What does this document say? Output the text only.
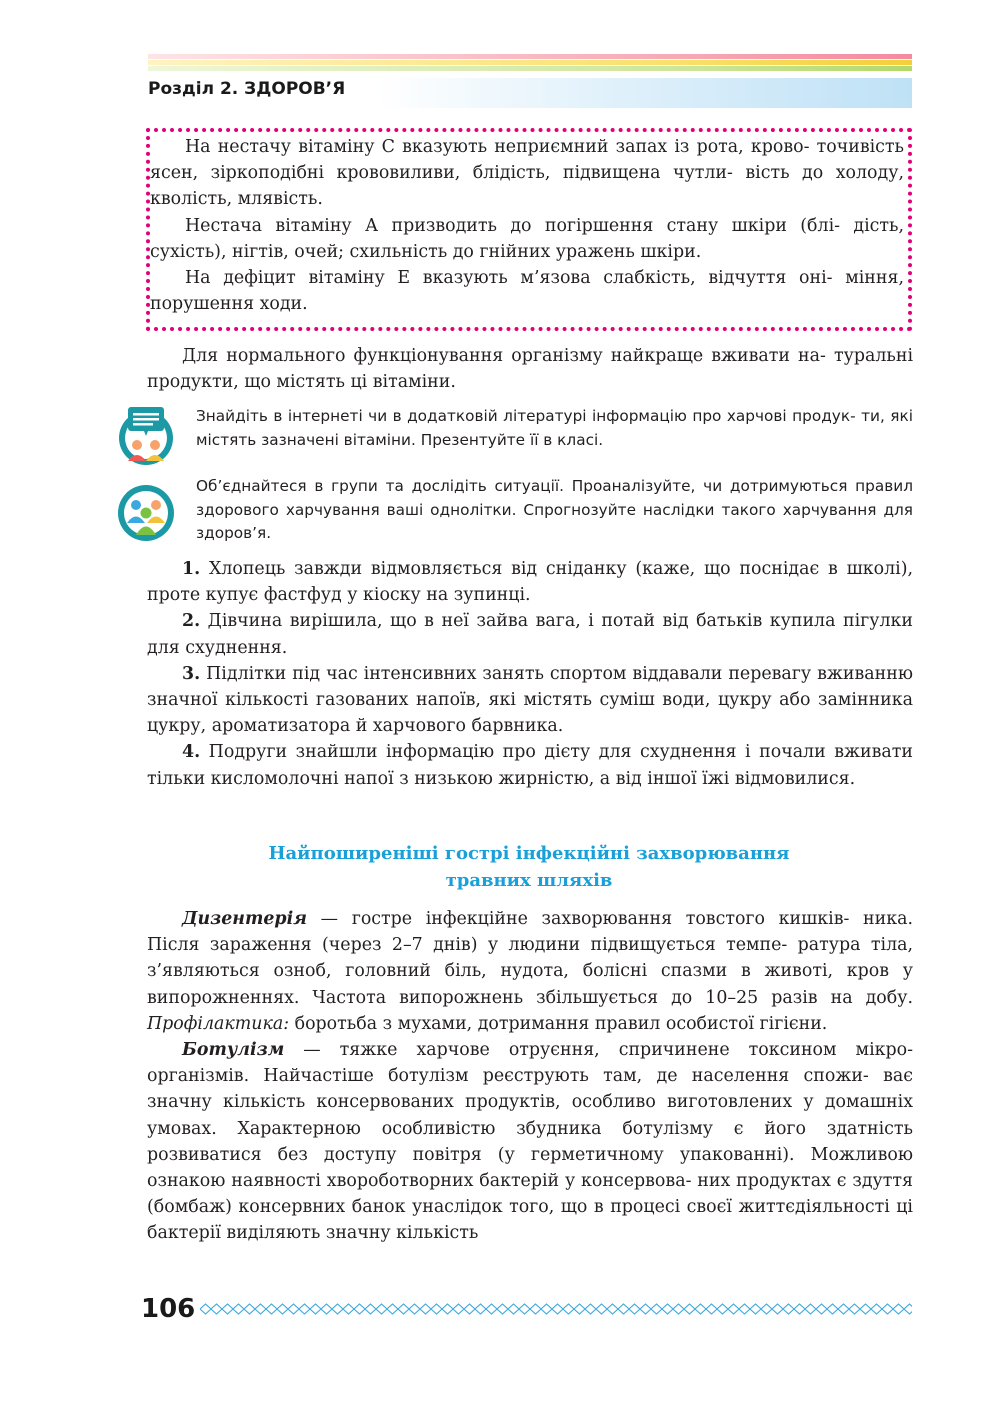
Розділ 2. ЗДОРОВ’Я

На нестачу вітаміну С вказують неприємний запах із рота, крово- точивість ясен, зіркоподібні крововиливи, блідість, підвищена чутли- вість до холоду, кволість, млявість.

Нестача вітаміну А призводить до погіршення стану шкіри (блі- дість, сухість), нігтів, очей; схильність до гнійних уражень шкіри.

На дефіцит вітаміну Е вказують м’язова слабкість, відчуття оні- міння, порушення ходи.

Для нормального функціонування організму найкраще вживати на- туральні продукти, що містять ці вітаміни.

Знайдіть в інтернеті чи в додатковій літературі інформацію про харчові продук- ти, які містять зазначені вітаміни. Презентуйте її в класі.
Об’єднайтеся в групи та дослідіть ситуації. Проаналізуйте, чи дотримуються правил здорового харчування ваші однолітки. Спрогнозуйте наслідки такого харчування для здоров’я.

1. Хлопець завжди відмовляється від сніданку (каже, що поснідає в школі), проте купує фастфуд у кіоску на зупинці.

2. Дівчина вирішила, що в неї зайва вага, і потай від батьків купила пігулки для схуднення.

3. Підлітки під час інтенсивних занять спортом віддавали перевагу вживанню значної кількості газованих напоїв, які містять суміш води, цукру або замінника цукру, ароматизатора й харчового барвника.

4. Подруги знайшли інформацію про дієту для схуднення і почали вживати тільки кисломолочні напої з низькою жирністю, а від іншої їжі відмовилися.

Найпоширеніші гострі інфекційні захворювання
травних шляхів

Дизентерія — гостре інфекційне захворювання товстого кишків- ника. Після зараження (через 2–7 днів) у людини підвищується темпе- ратура тіла, з’являються озноб, головний біль, нудота, болісні спазми в животі, кров у випорожненнях. Частота випорожнень збільшується до 10–25 разів на добу. Профілактика: боротьба з мухами, дотримання правил особистої гігієни.

Ботулізм — тяжке харчове отруєння, спричинене токсином мікро- організмів. Найчастіше ботулізм реєструють там, де населення спожи- ває значну кількість консервованих продуктів, особливо виготовлених у домашніх умовах. Характерною особливістю збудника ботулізму є його здатність розвиватися без доступу повітря (у герметичному упакованні). Можливою ознакою наявності хвороботворних бактерій у консервова- них продуктах є здуття (бомбаж) консервних банок унаслідок того, що в процесі своєї життєдіяльності ці бактерії виділяють значну кількість

106
